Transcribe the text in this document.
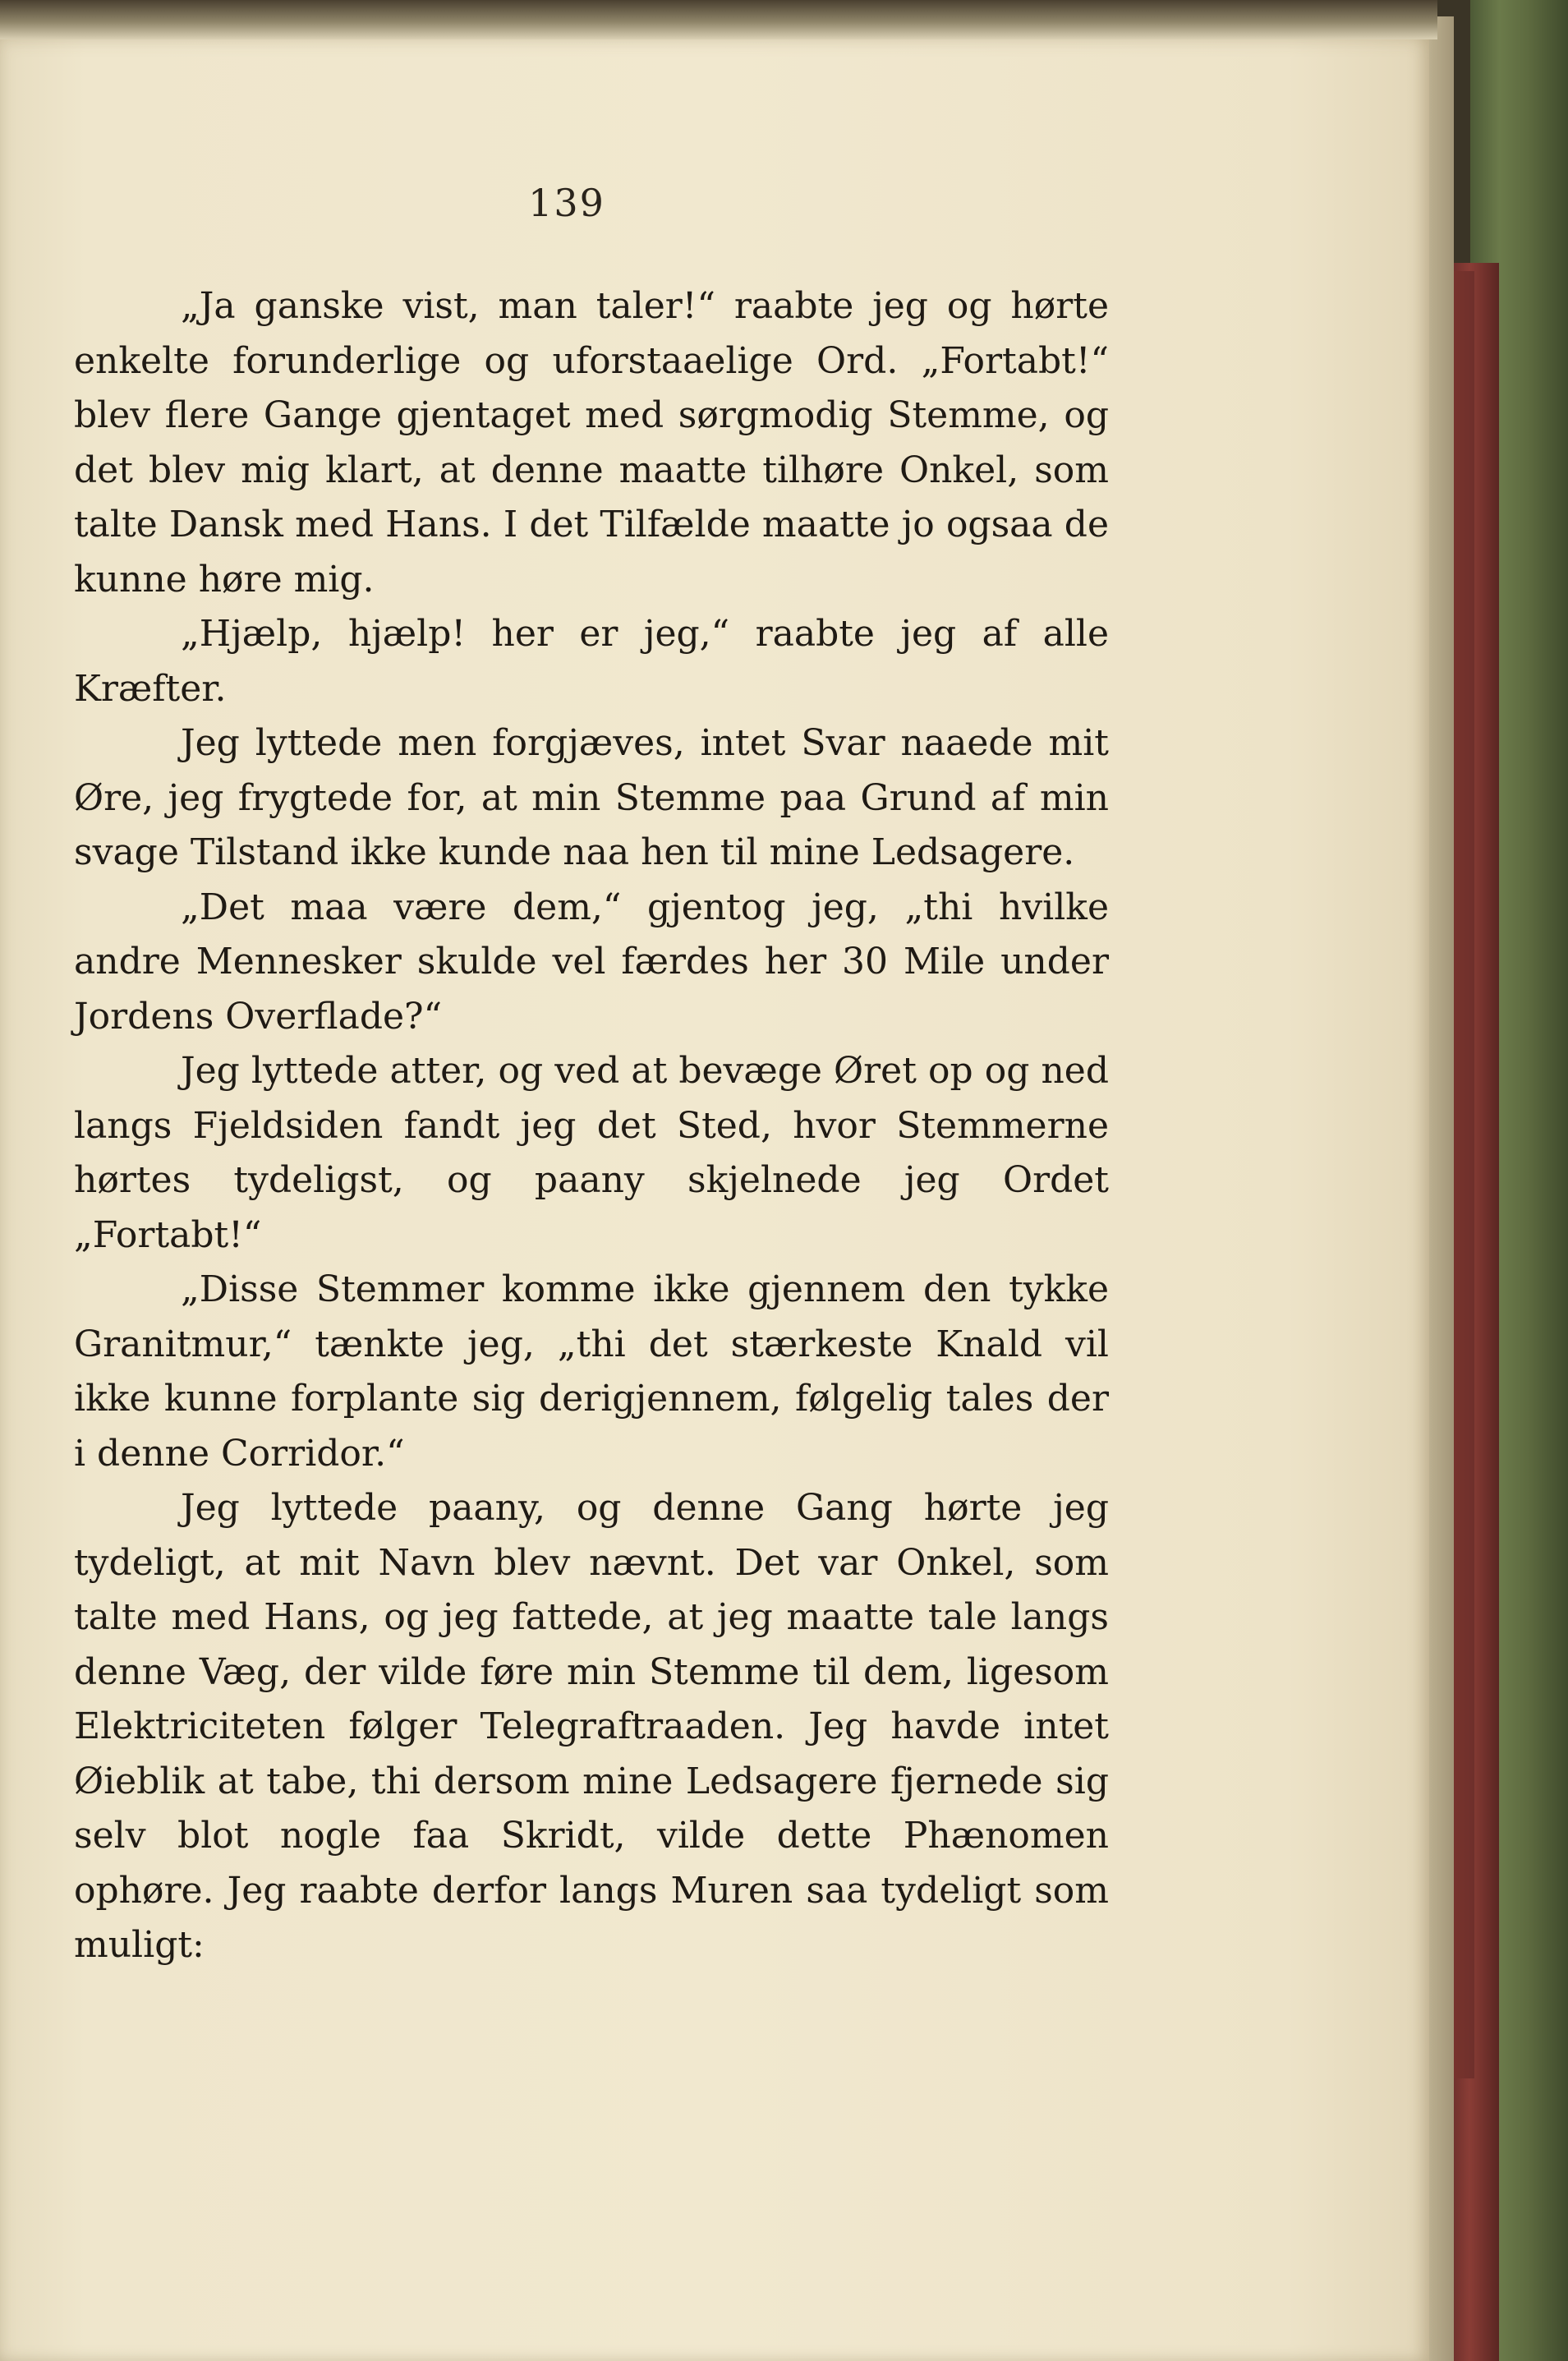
139

„Ja ganske vist, man taler!“ raabte jeg og hørte enkelte forunderlige og uforstaaelige Ord. „Fortabt!“ blev flere Gange gjentaget med sørgmodig Stemme, og det blev mig klart, at denne maatte tilhøre Onkel, som talte Dansk med Hans. I det Tilfælde maatte jo ogsaa de kunne høre mig.

„Hjælp, hjælp! her er jeg,“ raabte jeg af alle Kræfter.

Jeg lyttede men forgjæves, intet Svar naaede mit Øre, jeg frygtede for, at min Stemme paa Grund af min svage Tilstand ikke kunde naa hen til mine Ledsagere.

„Det maa være dem,“ gjentog jeg, „thi hvilke andre Mennesker skulde vel færdes her 30 Mile under Jordens Overflade?“

Jeg lyttede atter, og ved at bevæge Øret op og ned langs Fjeldsiden fandt jeg det Sted, hvor Stemmerne hørtes tydeligst, og paany skjelnede jeg Ordet „Fortabt!“

„Disse Stemmer komme ikke gjennem den tykke Granitmur,“ tænkte jeg, „thi det stærkeste Knald vil ikke kunne forplante sig derigjennem, følgelig tales der i denne Corridor.“

Jeg lyttede paany, og denne Gang hørte jeg tydeligt, at mit Navn blev nævnt. Det var Onkel, som talte med Hans, og jeg fattede, at jeg maatte tale langs denne Væg, der vilde føre min Stemme til dem, ligesom Elektriciteten følger Telegraftraaden. Jeg havde intet Øieblik at tabe, thi dersom mine Ledsagere fjernede sig selv blot nogle faa Skridt, vilde dette Phænomen ophøre. Jeg raabte derfor langs Muren saa tydeligt som muligt:
